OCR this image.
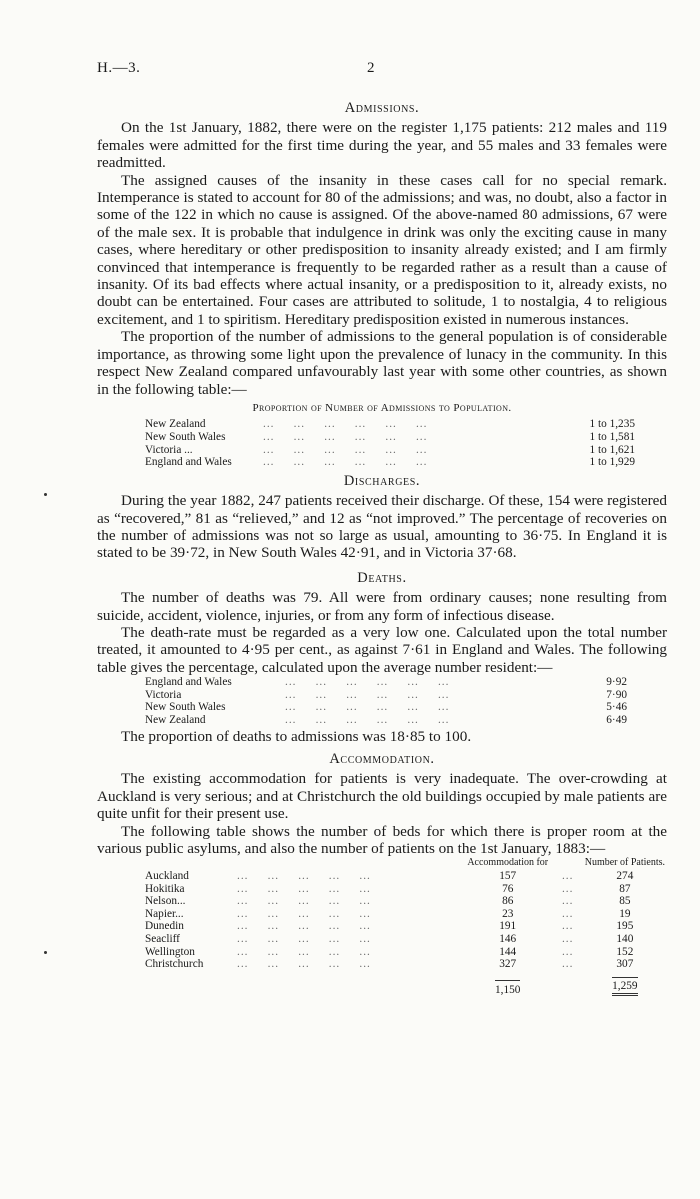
H.—3.	2
Admissions.

On the 1st January, 1882, there were on the register 1,175 patients: 212 males and 119 females were admitted for the first time during the year, and 55 males and 33 females were readmitted.

The assigned causes of the insanity in these cases call for no special remark. Intemperance is stated to account for 80 of the admissions; and was, no doubt, also a factor in some of the 122 in which no cause is assigned. Of the above-named 80 admissions, 67 were of the male sex. It is probable that indulgence in drink was only the exciting cause in many cases, where hereditary or other predisposition to insanity already existed; and I am firmly convinced that intemperance is frequently to be regarded rather as a result than a cause of insanity. Of its bad effects where actual insanity, or a predisposition to it, already exists, no doubt can be entertained. Four cases are attributed to solitude, 1 to nostalgia, 4 to religious excitement, and 1 to spiritism. Hereditary predisposition existed in numerous instances.

The proportion of the number of admissions to the general population is of considerable importance, as throwing some light upon the prevalence of lunacy in the community. In this respect New Zealand compared unfavourably last year with some other countries, as shown in the following table:—

Proportion of Number of Admissions to Population.
New Zealand	...     ...     ...     ...     ...     ...	1 to 1,235
New South Wales	...     ...     ...     ...     ...     ...	1 to 1,581
Victoria ...	...     ...     ...     ...     ...     ...	1 to 1,621
England and Wales	...     ...     ...     ...     ...     ...	1 to 1,929
Discharges.

During the year 1882, 247 patients received their discharge. Of these, 154 were registered as “recovered,” 81 as “relieved,” and 12 as “not improved.” The percentage of recoveries on the number of admissions was not so large as usual, amounting to 36·75. In England it is stated to be 39·72, in New South Wales 42·91, and in Victoria 37·68.

Deaths.

The number of deaths was 79. All were from ordinary causes; none resulting from suicide, accident, violence, injuries, or from any form of infectious disease.

The death-rate must be regarded as a very low one. Calculated upon the total number treated, it amounted to 4·95 per cent., as against 7·61 in England and Wales. The following table gives the percentage, calculated upon the average number resident:—

England and Wales	...     ...     ...     ...     ...     ...	9·92
Victoria	...     ...     ...     ...     ...     ...	7·90
New South Wales	...     ...     ...     ...     ...     ...	5·46
New Zealand	...     ...     ...     ...     ...     ...	6·49

The proportion of deaths to admissions was 18·85 to 100.

Accommodation.

The existing accommodation for patients is very inadequate. The over-crowding at Auckland is very serious; and at Christchurch the old buildings occupied by male patients are quite unfit for their present use.

The following table shows the number of beds for which there is proper room at the various public asylums, and also the number of patients on the 1st January, 1883:—

		Accommodation for		Number of Patients.
Auckland	...     ...     ...     ...     ...	157	...	274
Hokitika	...     ...     ...     ...     ...	76	...	87
Nelson...	...     ...     ...     ...     ...	86	...	85
Napier...	...     ...     ...     ...     ...	23	...	19
Dunedin	...     ...     ...     ...     ...	191	...	195
Seacliff	...     ...     ...     ...     ...	146	...	140
Wellington	...     ...     ...     ...     ...	144	...	152
Christchurch	...     ...     ...     ...     ...	327	...	307
		1,150		1,259
